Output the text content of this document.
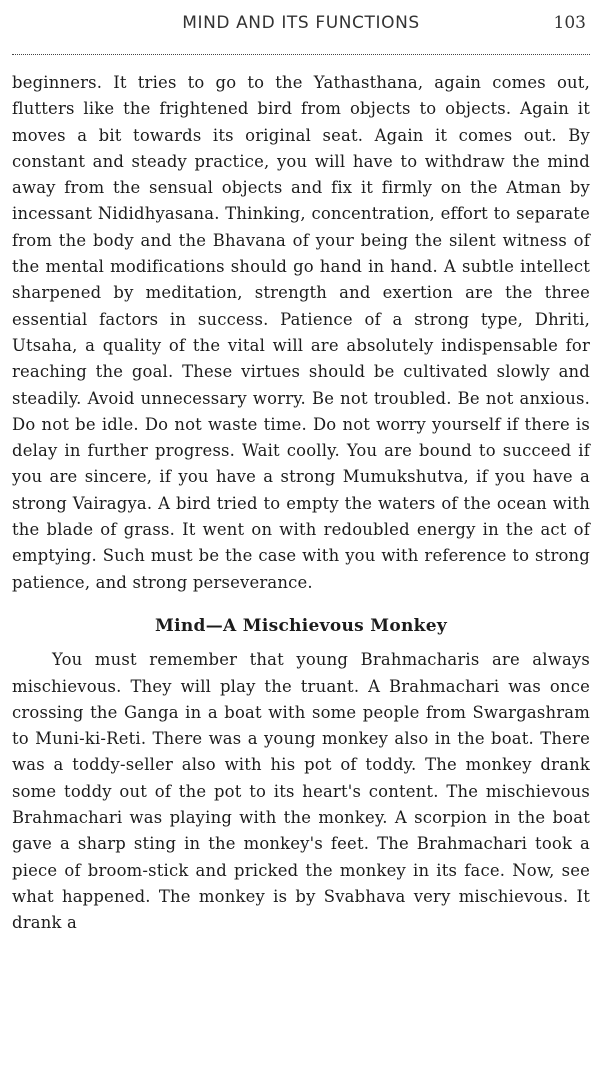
MIND AND ITS FUNCTIONS	103

beginners. It tries to go to the Yathasthana, again comes out, flutters like the frightened bird from objects to objects. Again it moves a bit towards its original seat. Again it comes out. By constant and steady practice, you will have to withdraw the mind away from the sensual objects and fix it firmly on the Atman by incessant Nididhyasana. Thinking, concentration, effort to separate from the body and the Bhavana of your being the silent witness of the mental modifications should go hand in hand. A subtle intellect sharpened by meditation, strength and exertion are the three essential factors in success. Patience of a strong type, Dhriti, Utsaha, a quality of the vital will are absolutely indispensable for reaching the goal. These virtues should be cultivated slowly and steadily. Avoid unnecessary worry. Be not troubled. Be not anxious. Do not be idle. Do not waste time. Do not worry yourself if there is delay in further progress. Wait coolly. You are bound to succeed if you are sincere, if you have a strong Mumukshutva, if you have a strong Vairagya. A bird tried to empty the waters of the ocean with the blade of grass. It went on with redoubled energy in the act of emptying. Such must be the case with you with reference to strong patience, and strong perseverance.

Mind—A Mischievous Monkey

You must remember that young Brahmacharis are always mischievous. They will play the truant. A Brahmachari was once crossing the Ganga in a boat with some people from Swargashram to Muni-ki-Reti. There was a young monkey also in the boat. There was a toddy-seller also with his pot of toddy. The monkey drank some toddy out of the pot to its heart's content. The mischievous Brahmachari was playing with the monkey. A scorpion in the boat gave a sharp sting in the monkey's feet. The Brahmachari took a piece of broom-stick and pricked the monkey in its face. Now, see what happened. The monkey is by Svabhava very mischievous. It drank a
